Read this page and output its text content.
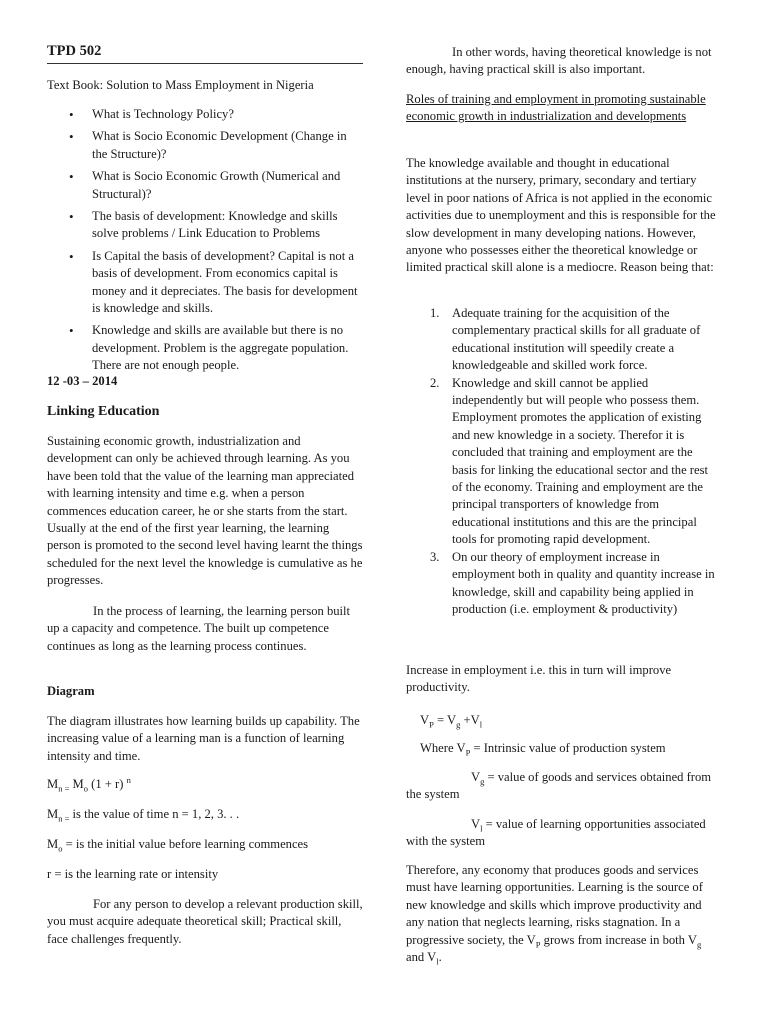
TPD 502

Text Book: Solution to Mass Employment in Nigeria

• What is Technology Policy?
• What is Socio Economic Development (Change in the Structure)?
• What is Socio Economic Growth (Numerical and Structural)?
• The basis of development: Knowledge and skills solve problems / Link Education to Problems
• Is Capital the basis of development? Capital is not a basis of development. From economics capital is money and it depreciates. The basis for development is knowledge and skills.
• Knowledge and skills are available but there is no development. Problem is the aggregate population. There are not enough people.

12 -03 – 2014

Linking Education

Sustaining economic growth, industrialization and development can only be achieved through learning. As you have been told that the value of the learning man appreciated with learning intensity and time e.g. when a person commences education career, he or she starts from the start. Usually at the end of the first year learning, the learning person is promoted to the second level having learnt the things scheduled for the next level the knowledge is cumulative as he progresses.

In the process of learning, the learning person built up a capacity and competence. The built up competence continues as long as the learning process continues.

Diagram

The diagram illustrates how learning builds up capability. The increasing value of a learning man is a function of learning intensity and time.

$M_{n =}$ $M_o$ (1 + r) $^n$

$M_{n =}$ is the value of time n = 1, 2, 3. . .

$M_o$ = is the initial value before learning commences

r = is the learning rate or intensity

For any person to develop a relevant production skill, you must acquire adequate theoretical skill; Practical skill, face challenges frequently.

In other words, having theoretical knowledge is not enough, having practical skill is also important.

Roles of training and employment in promoting sustainable economic growth in industrialization and developments

The knowledge available and thought in educational institutions at the nursery, primary, secondary and tertiary level in poor nations of Africa is not applied in the economic activities due to unemployment and this is responsible for the slow development in many developing nations. However, anyone who possesses either the theoretical knowledge or limited practical skill alone is a mediocre. Reason being that:

1. Adequate training for the acquisition of the complementary practical skills for all graduate of educational institution will speedily create a knowledgeable and skilled work force.
2. Knowledge and skill cannot be applied independently but will people who possess them. Employment promotes the application of existing and new knowledge in a society. Therefor it is concluded that training and employment are the basis for linking the educational sector and the rest of the economy. Training and employment are the principal transporters of knowledge from educational institutions and this are the principal tools for promoting rapid development.
3. On our theory of employment increase in employment both in quality and quantity increase in knowledge, skill and capability being applied in production (i.e. employment & productivity)

Increase in employment i.e. this in turn will improve productivity.

$V_P = V_g +V_l$

Where $V_P$ = Intrinsic value of production system

$V_g$ = value of goods and services obtained from the system

$V_l$ = value of learning opportunities associated with the system

Therefore, any economy that produces goods and services must have learning opportunities. Learning is the source of new knowledge and skills which improve productivity and any nation that neglects learning, risks stagnation. In a progressive society, the $V_P$ grows from increase in both $V_g$ and $V_l$.
